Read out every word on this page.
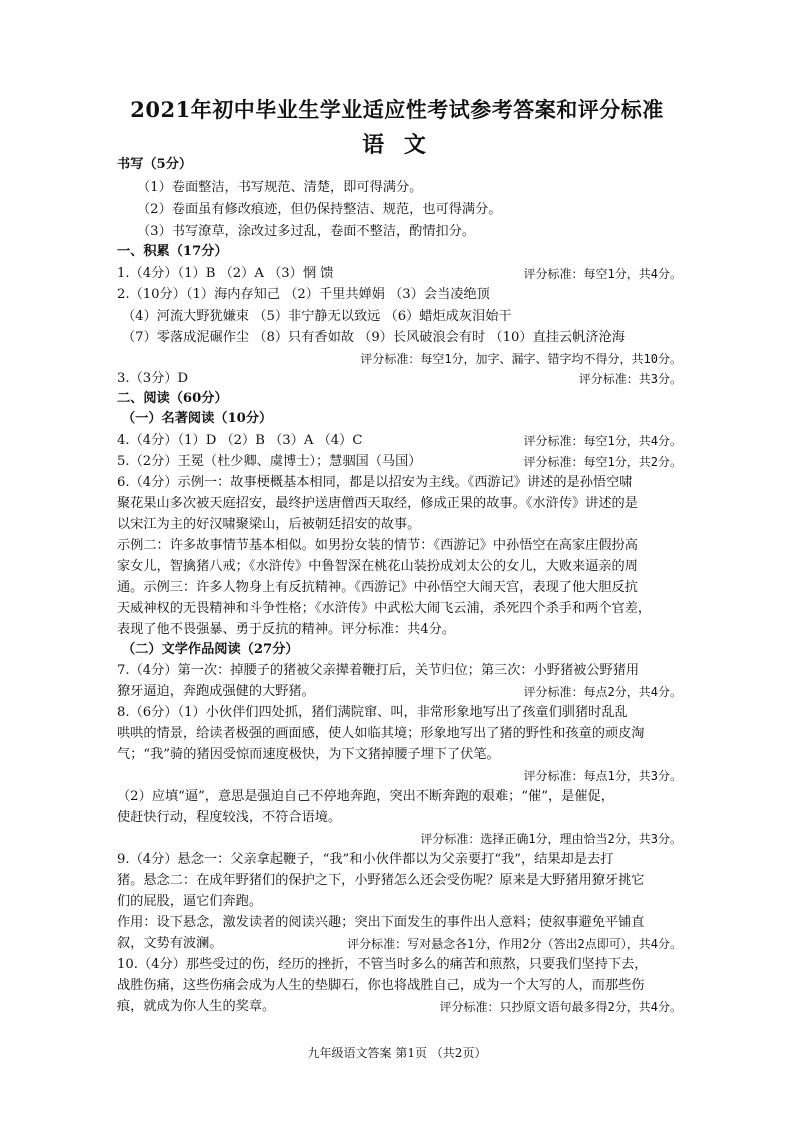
2021年初中毕业生学业适应性考试参考答案和评分标准
语 文
书写（5分）
（1）卷面整洁，书写规范、清楚，即可得满分。
（2）卷面虽有修改痕迹，但仍保持整洁、规范，也可得满分。
（3）书写潦草，涂改过多过乱，卷面不整洁，酌情扣分。
一、积累（17分）
1.（4分）（1）B （2）A （3）惘 馈	评分标准：每空1分，共4分。
2.（10分）（1）海内存知己 （2）千里共婵娟 （3）会当凌绝顶
（4）河流大野犹嫌束 （5）非宁静无以致远 （6）蜡炬成灰泪始干
（7）零落成泥碾作尘 （8）只有香如故 （9）长风破浪会有时 （10）直挂云帆济沧海
评分标准：每空1分，加字、漏字、错字均不得分，共10分。
3.（3分）D	评分标准：共3分。
二、阅读（60分）
（一）名著阅读（10分）
4.（4分）（1）D （2）B （3）A （4）C	评分标准：每空1分，共4分。
5.（2分）王冕（杜少卿、虞博士）；慧骃国（马国）	评分标准：每空1分，共2分。
6.（4分）示例一：故事梗概基本相同，都是以招安为主线。《西游记》讲述的是孙悟空啸
聚花果山多次被天庭招安，最终护送唐僧西天取经，修成正果的故事。《水浒传》讲述的是
以宋江为主的好汉啸聚梁山，后被朝廷招安的故事。
示例二：许多故事情节基本相似。如男扮女装的情节：《西游记》中孙悟空在高家庄假扮高
家女儿，智擒猪八戒；《水浒传》中鲁智深在桃花山装扮成刘太公的女儿，大败来逼亲的周
通。示例三：许多人物身上有反抗精神。《西游记》中孙悟空大闹天宫，表现了他大胆反抗
天威神权的无畏精神和斗争性格；《水浒传》中武松大闹飞云浦，杀死四个杀手和两个官差，
表现了他不畏强暴、勇于反抗的精神。评分标准：共4分。
（二）文学作品阅读（27分）
7.（4分）第一次：掉腰子的猪被父亲撵着鞭打后，关节归位；第三次：小野猪被公野猪用
獠牙逼迫，奔跑成强健的大野猪。	评分标准：每点2分，共4分。
8.（6分）（1）小伙伴们四处抓，猪们满院窜、叫，非常形象地写出了孩童们驯猪时乱乱
哄哄的情景，给读者极强的画面感，使人如临其境；形象地写出了猪的野性和孩童的顽皮淘
气；“我”骑的猪因受惊而速度极快，为下文猪掉腰子埋下了伏笔。
评分标准：每点1分，共3分。
（2）应填“逼”，意思是强迫自己不停地奔跑，突出不断奔跑的艰难；“催”，是催促，
使赶快行动，程度较浅，不符合语境。
评分标准：选择正确1分，理由恰当2分，共3分。
9.（4分）悬念一：父亲拿起鞭子，“我”和小伙伴都以为父亲要打“我”，结果却是去打
猪。悬念二：在成年野猪们的保护之下，小野猪怎么还会受伤呢？原来是大野猪用獠牙挑它
们的屁股，逼它们奔跑。
作用：设下悬念，激发读者的阅读兴趣；突出下面发生的事件出人意料；使叙事避免平铺直
叙，文势有波澜。	评分标准：写对悬念各1分，作用2分（答出2点即可），共4分。
10.（4分）那些受过的伤，经历的挫折，不管当时多么的痛苦和煎熬，只要我们坚持下去，
战胜伤痛，这些伤痛会成为人生的垫脚石，你也将战胜自己，成为一个大写的人，而那些伤
痕，就成为你人生的奖章。	评分标准：只抄原文语句最多得2分，共4分。
九年级语文答案 第1页 （共2页）
